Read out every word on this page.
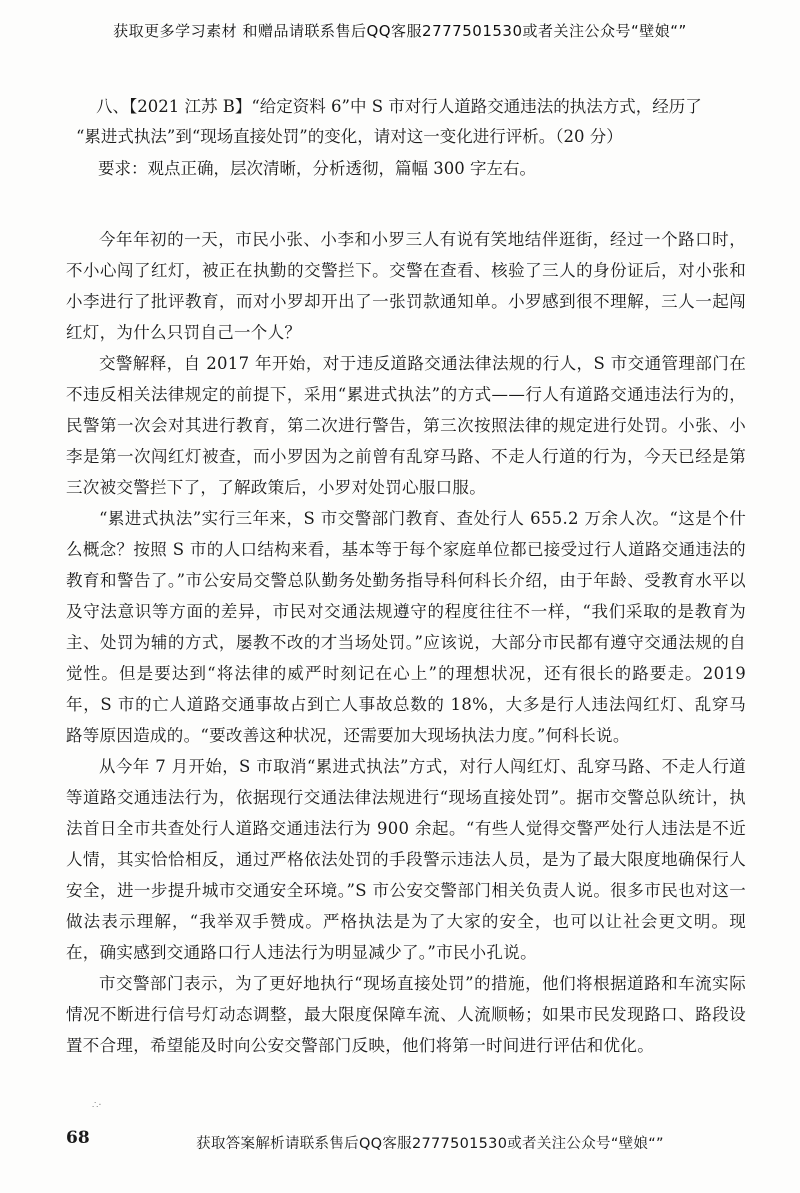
获取更多学习素材 和赠品请联系售后QQ客服2777501530或者关注公众号“壁娘“”

八、【2021 江苏 B】“给定资料 6”中 S 市对行人道路交通违法的执法方式，经历了

“累进式执法”到“现场直接处罚”的变化，请对这一变化进行评析。（20 分）

要求：观点正确，层次清晰，分析透彻，篇幅 300 字左右。

今年年初的一天，市民小张、小李和小罗三人有说有笑地结伴逛街，经过一个路口时，不小心闯了红灯，被正在执勤的交警拦下。交警在查看、核验了三人的身份证后，对小张和小李进行了批评教育，而对小罗却开出了一张罚款通知单。小罗感到很不理解，三人一起闯红灯，为什么只罚自己一个人？

交警解释，自 2017 年开始，对于违反道路交通法律法规的行人，S 市交通管理部门在不违反相关法律规定的前提下，采用“累进式执法”的方式——行人有道路交通违法行为的，民警第一次会对其进行教育，第二次进行警告，第三次按照法律的规定进行处罚。小张、小李是第一次闯红灯被查，而小罗因为之前曾有乱穿马路、不走人行道的行为，今天已经是第三次被交警拦下了，了解政策后，小罗对处罚心服口服。

“累进式执法”实行三年来，S 市交警部门教育、查处行人 655.2 万余人次。“这是个什么概念？按照 S 市的人口结构来看，基本等于每个家庭单位都已接受过行人道路交通违法的教育和警告了。”市公安局交警总队勤务处勤务指导科何科长介绍，由于年龄、受教育水平以及守法意识等方面的差异，市民对交通法规遵守的程度往往不一样，“我们采取的是教育为主、处罚为辅的方式，屡教不改的才当场处罚。”应该说，大部分市民都有遵守交通法规的自觉性。但是要达到“将法律的威严时刻记在心上”的理想状况，还有很长的路要走。2019 年，S 市的亡人道路交通事故占到亡人事故总数的 18%，大多是行人违法闯红灯、乱穿马路等原因造成的。“要改善这种状况，还需要加大现场执法力度。”何科长说。

从今年 7 月开始，S 市取消“累进式执法”方式，对行人闯红灯、乱穿马路、不走人行道等道路交通违法行为，依据现行交通法律法规进行“现场直接处罚”。据市交警总队统计，执法首日全市共查处行人道路交通违法行为 900 余起。“有些人觉得交警严处行人违法是不近人情，其实恰恰相反，通过严格依法处罚的手段警示违法人员，是为了最大限度地确保行人安全，进一步提升城市交通安全环境。”S 市公安交警部门相关负责人说。很多市民也对这一做法表示理解，“我举双手赞成。严格执法是为了大家的安全，也可以让社会更文明。现在，确实感到交通路口行人违法行为明显减少了。”市民小孔说。

市交警部门表示，为了更好地执行“现场直接处罚”的措施，他们将根据道路和车流实际情况不断进行信号灯动态调整，最大限度保障车流、人流顺畅；如果市民发现路口、路段设置不合理，希望能及时向公安交警部门反映，他们将第一时间进行评估和优化。

∴·
68	获取答案解析请联系售后QQ客服2777501530或者关注公众号“壁娘“”
